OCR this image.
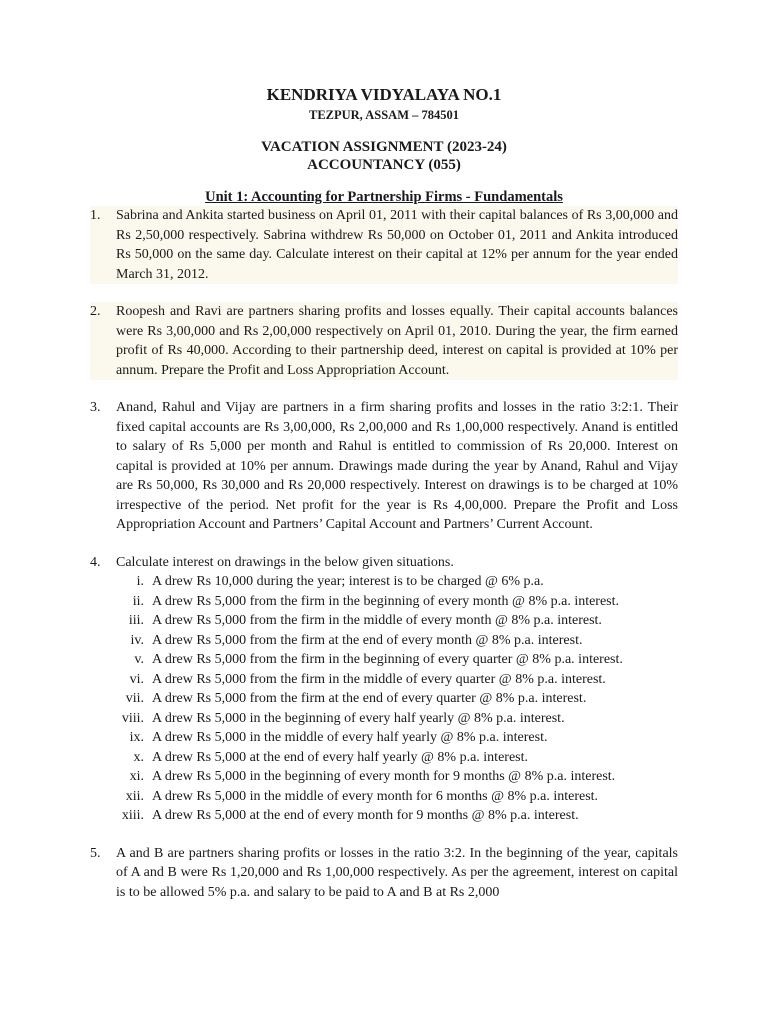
KENDRIYA VIDYALAYA NO.1

TEZPUR, ASSAM – 784501

VACATION ASSIGNMENT (2023-24)

ACCOUNTANCY (055)

Unit 1: Accounting for Partnership Firms - Fundamentals

1. Sabrina and Ankita started business on April 01, 2011 with their capital balances of Rs 3,00,000 and Rs 2,50,000 respectively. Sabrina withdrew Rs 50,000 on October 01, 2011 and Ankita introduced Rs 50,000 on the same day. Calculate interest on their capital at 12% per annum for the year ended March 31, 2012.

2. Roopesh and Ravi are partners sharing profits and losses equally. Their capital accounts balances were Rs 3,00,000 and Rs 2,00,000 respectively on April 01, 2010. During the year, the firm earned profit of Rs 40,000. According to their partnership deed, interest on capital is provided at 10% per annum. Prepare the Profit and Loss Appropriation Account.

3. Anand, Rahul and Vijay are partners in a firm sharing profits and losses in the ratio 3:2:1. Their fixed capital accounts are Rs 3,00,000, Rs 2,00,000 and Rs 1,00,000 respectively. Anand is entitled to salary of Rs 5,000 per month and Rahul is entitled to commission of Rs 20,000. Interest on capital is provided at 10% per annum. Drawings made during the year by Anand, Rahul and Vijay are Rs 50,000, Rs 30,000 and Rs 20,000 respectively. Interest on drawings is to be charged at 10% irrespective of the period. Net profit for the year is Rs 4,00,000. Prepare the Profit and Loss Appropriation Account and Partners’ Capital Account and Partners’ Current Account.

4. Calculate interest on drawings in the below given situations.

i. A drew Rs 10,000 during the year; interest is to be charged @ 6% p.a.
ii. A drew Rs 5,000 from the firm in the beginning of every month @ 8% p.a. interest.
iii. A drew Rs 5,000 from the firm in the middle of every month @ 8% p.a. interest.
iv. A drew Rs 5,000 from the firm at the end of every month @ 8% p.a. interest.
v. A drew Rs 5,000 from the firm in the beginning of every quarter @ 8% p.a. interest.
vi. A drew Rs 5,000 from the firm in the middle of every quarter @ 8% p.a. interest.
vii. A drew Rs 5,000 from the firm at the end of every quarter @ 8% p.a. interest.
viii. A drew Rs 5,000 in the beginning of every half yearly @ 8% p.a. interest.
ix. A drew Rs 5,000 in the middle of every half yearly @ 8% p.a. interest.
x. A drew Rs 5,000 at the end of every half yearly @ 8% p.a. interest.
xi. A drew Rs 5,000 in the beginning of every month for 9 months @ 8% p.a. interest.
xii. A drew Rs 5,000 in the middle of every month for 6 months @ 8% p.a. interest.
xiii. A drew Rs 5,000 at the end of every month for 9 months @ 8% p.a. interest.
5. A and B are partners sharing profits or losses in the ratio 3:2. In the beginning of the year, capitals of A and B were Rs 1,20,000 and Rs 1,00,000 respectively. As per the agreement, interest on capital is to be allowed 5% p.a. and salary to be paid to A and B at Rs 2,000
